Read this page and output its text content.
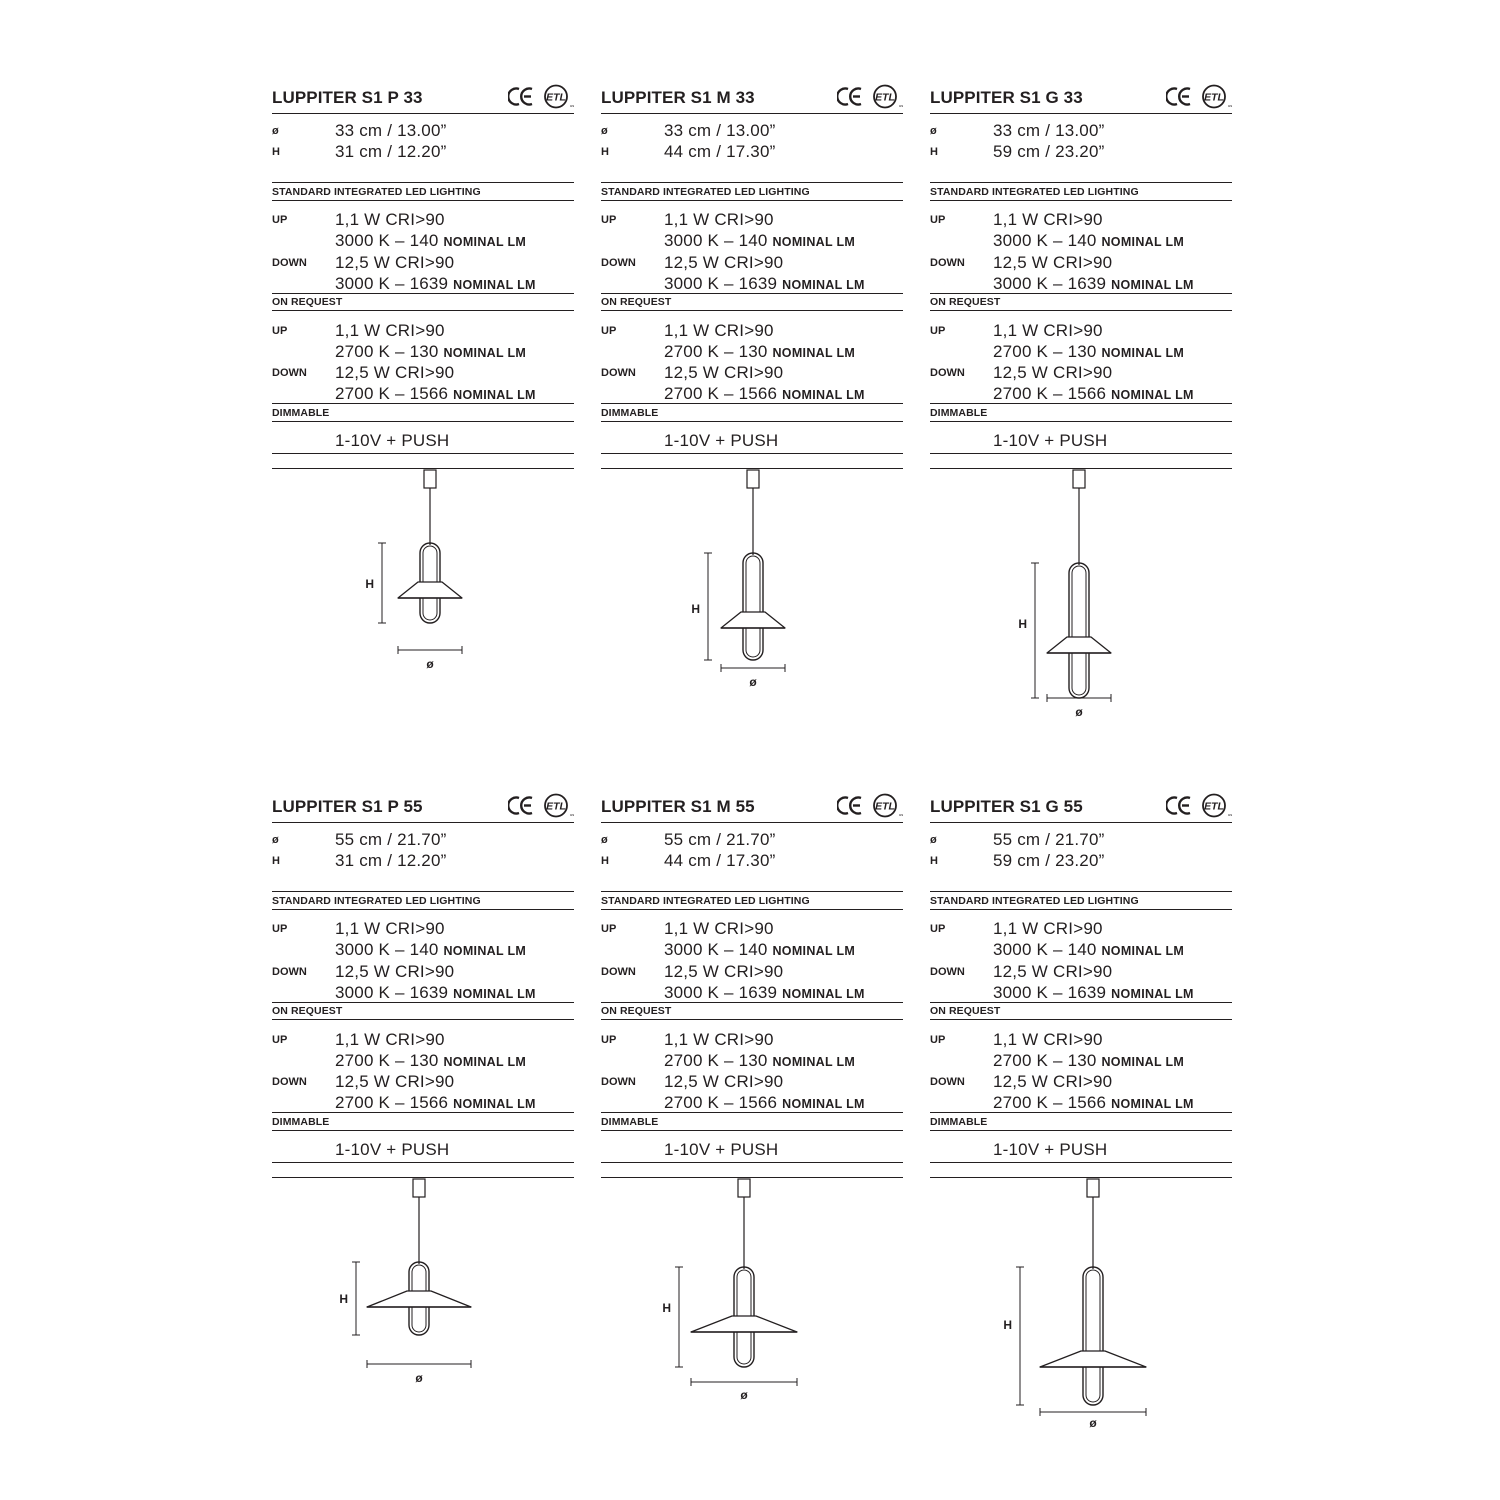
LUPPITER S1 P 33
CE
ETL
us
ø	33 cm / 13.00”
H	31 cm / 12.20”
STANDARD INTEGRATED LED LIGHTING
UP	1,1 W CRI>90
3000 K – 140 NOMINAL LM
DOWN 12,5 W CRI>90
3000 K – 1639 NOMINAL LM
ON REQUEST
UP	1,1 W CRI>90
2700 K – 130 NOMINAL LM
DOWN 12,5 W CRI>90
2700 K – 1566 NOMINAL LM
DIMMABLE
1-10V + PUSH
H
ø
LUPPITER S1 M 33
CE
ETL
us
ø	33 cm / 13.00”
H	44 cm / 17.30”
STANDARD INTEGRATED LED LIGHTING
UP	1,1 W CRI>90
3000 K – 140 NOMINAL LM
DOWN 12,5 W CRI>90
3000 K – 1639 NOMINAL LM
ON REQUEST
UP	1,1 W CRI>90
2700 K – 130 NOMINAL LM
DOWN 12,5 W CRI>90
2700 K – 1566 NOMINAL LM
DIMMABLE
1-10V + PUSH
H
ø
LUPPITER S1 G 33
CE
ETL
us
ø	33 cm / 13.00”
H	59 cm / 23.20”
STANDARD INTEGRATED LED LIGHTING
UP	1,1 W CRI>90
3000 K – 140 NOMINAL LM
DOWN 12,5 W CRI>90
3000 K – 1639 NOMINAL LM
ON REQUEST
UP	1,1 W CRI>90
2700 K – 130 NOMINAL LM
DOWN 12,5 W CRI>90
2700 K – 1566 NOMINAL LM
DIMMABLE
1-10V + PUSH
H
ø
LUPPITER S1 P 55
CE
ETL
us
ø	55 cm / 21.70”
H	31 cm / 12.20”
STANDARD INTEGRATED LED LIGHTING
UP	1,1 W CRI>90
3000 K – 140 NOMINAL LM
DOWN 12,5 W CRI>90
3000 K – 1639 NOMINAL LM
ON REQUEST
UP	1,1 W CRI>90
2700 K – 130 NOMINAL LM
DOWN 12,5 W CRI>90
2700 K – 1566 NOMINAL LM
DIMMABLE
1-10V + PUSH
H
ø
LUPPITER S1 M 55
CE
ETL
us
ø	55 cm / 21.70”
H	44 cm / 17.30”
STANDARD INTEGRATED LED LIGHTING
UP	1,1 W CRI>90
3000 K – 140 NOMINAL LM
DOWN 12,5 W CRI>90
3000 K – 1639 NOMINAL LM
ON REQUEST
UP	1,1 W CRI>90
2700 K – 130 NOMINAL LM
DOWN 12,5 W CRI>90
2700 K – 1566 NOMINAL LM
DIMMABLE
1-10V + PUSH
H
ø
LUPPITER S1 G 55
CE
ETL
us
ø	55 cm / 21.70”
H	59 cm / 23.20”
STANDARD INTEGRATED LED LIGHTING
UP	1,1 W CRI>90
3000 K – 140 NOMINAL LM
DOWN 12,5 W CRI>90
3000 K – 1639 NOMINAL LM
ON REQUEST
UP	1,1 W CRI>90
2700 K – 130 NOMINAL LM
DOWN 12,5 W CRI>90
2700 K – 1566 NOMINAL LM
DIMMABLE
1-10V + PUSH
H
ø
